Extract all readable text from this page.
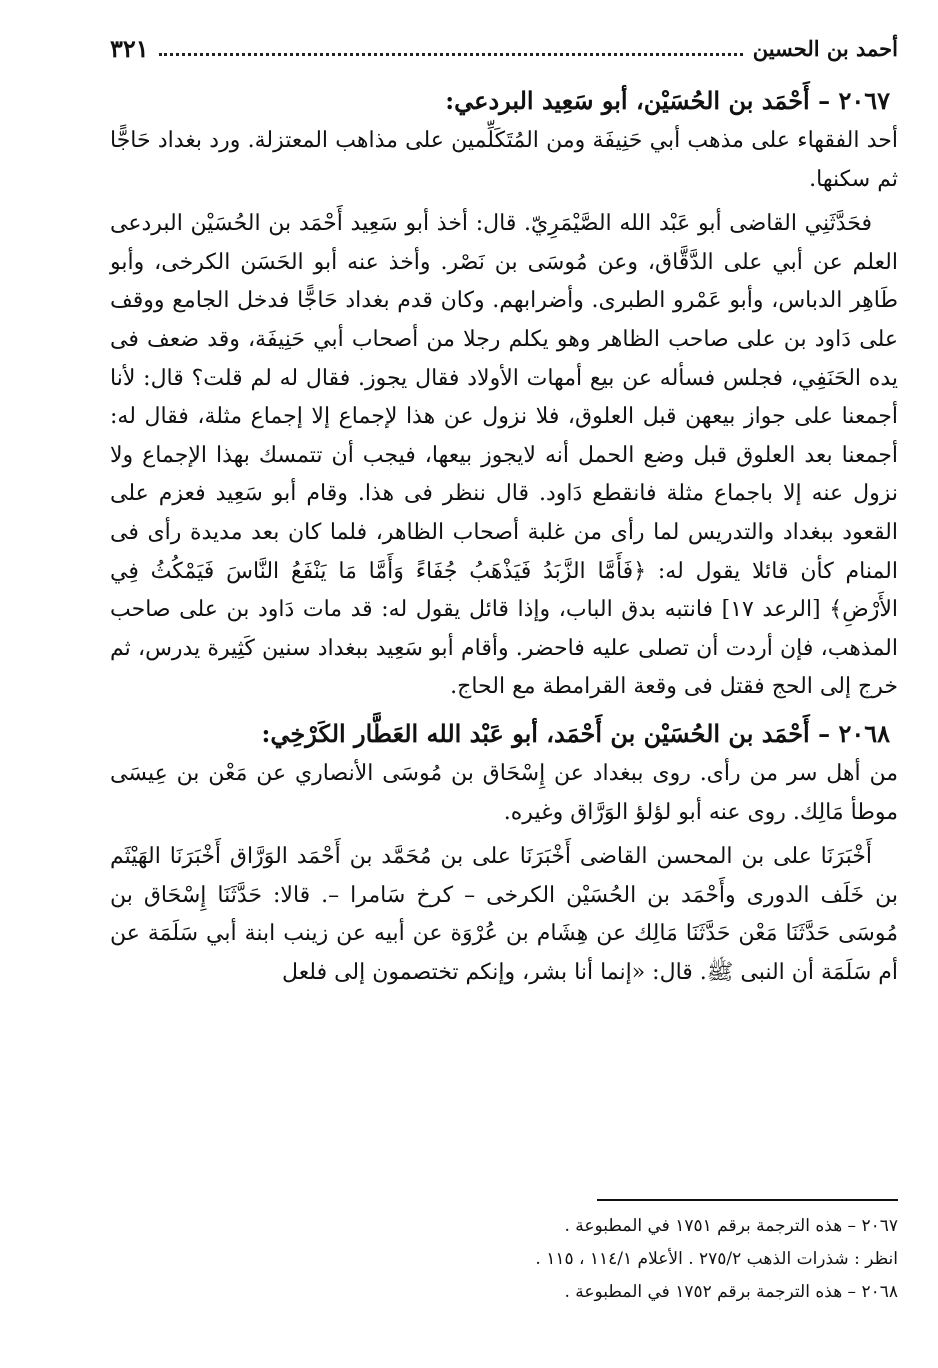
أحمد بن الحسين
٣٢١

٢٠٦٧ – أَحْمَد بن الحُسَيْن، أبو سَعِيد البردعي:

أحد الفقهاء على مذهب أبي حَنِيفَة ومن المُتَكَلِّمين على مذاهب المعتزلة. ورد بغداد حَاجًّا ثم سكنها.

فحَدَّثَنِي القاضى أبو عَبْد الله الصَّيْمَرِيّ. قال: أخذ أبو سَعِيد أَحْمَد بن الحُسَيْن البردعى العلم عن أبي على الدَّقَّاق، وعن مُوسَى بن نَصْر. وأخذ عنه أبو الحَسَن الكرخى، وأبو طَاهِر الدباس، وأبو عَمْرو الطبرى. وأضرابهم. وكان قدم بغداد حَاجًّا فدخل الجامع ووقف على دَاود بن على صاحب الظاهر وهو يكلم رجلا من أصحاب أبي حَنِيفَة، وقد ضعف فى يده الحَنَفِي، فجلس فسأله عن بيع أمهات الأولاد فقال يجوز. فقال له لم قلت؟ قال: لأنا أجمعنا على جواز بيعهن قبل العلوق، فلا نزول عن هذا لإجماع إلا إجماع مثلة، فقال له: أجمعنا بعد العلوق قبل وضع الحمل أنه لايجوز بيعها، فيجب أن تتمسك بهذا الإجماع ولا نزول عنه إلا باجماع مثلة فانقطع دَاود. قال ننظر فى هذا. وقام أبو سَعِيد فعزم على القعود ببغداد والتدريس لما رأى من غلبة أصحاب الظاهر، فلما كان بعد مديدة رأى فى المنام كأن قائلا يقول له: ﴿فَأَمَّا الزَّبَدُ فَيَذْهَبُ جُفَاءً وَأَمَّا مَا يَنْفَعُ النَّاسَ فَيَمْكُثُ فِي الأَرْضِ﴾ [الرعد ١٧] فانتبه بدق الباب، وإذا قائل يقول له: قد مات دَاود بن على صاحب المذهب، فإن أردت أن تصلى عليه فاحضر. وأقام أبو سَعِيد ببغداد سنين كَثِيرة يدرس، ثم خرج إلى الحج فقتل فى وقعة القرامطة مع الحاج.

٢٠٦٨ – أَحْمَد بن الحُسَيْن بن أَحْمَد، أبو عَبْد الله العَطَّار الكَرْخِي:

من أهل سر من رأى. روى ببغداد عن إِسْحَاق بن مُوسَى الأنصاري عن مَعْن بن عِيسَى موطأ مَالِك. روى عنه أبو لؤلؤ الوَرَّاق وغيره.

أَخْبَرَنَا على بن المحسن القاضى أَخْبَرَنَا على بن مُحَمَّد بن أَحْمَد الوَرَّاق أَخْبَرَنَا الهَيْثَم بن خَلَف الدورى وأَحْمَد بن الحُسَيْن الكرخى – كرخ سَامرا –. قالا: حَدَّثَنَا إِسْحَاق بن مُوسَى حَدَّثَنَا مَعْن حَدَّثَنَا مَالِك عن هِشَام بن عُرْوَة عن أبيه عن زينب ابنة أبي سَلَمَة عن أم سَلَمَة أن النبى ﷺ. قال: «إنما أنا بشر، وإنكم تختصمون إلى فلعل

٢٠٦٧ – هذه الترجمة برقم ١٧٥١ في المطبوعة .

انظر : شذرات الذهب ٢٧٥/٢ . الأعلام ١١٤/١ ، ١١٥ .

٢٠٦٨ – هذه الترجمة برقم ١٧٥٢ في المطبوعة .
